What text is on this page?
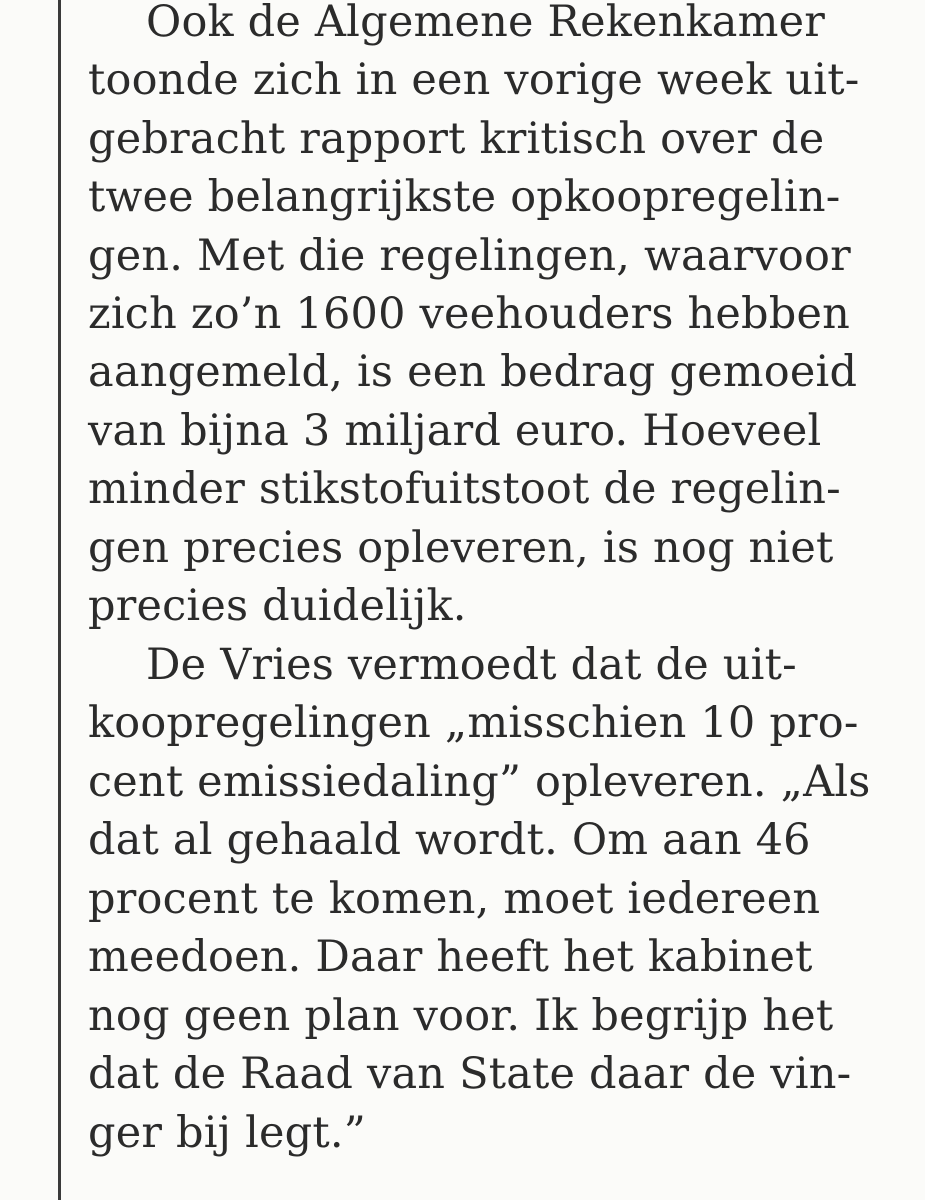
Ook de Algemene Rekenkamer
toonde zich in een vorige week uit-
gebracht rapport kritisch over de
twee belangrijkste opkoopregelin-
gen. Met die regelingen, waarvoor
zich zo’n 1600 veehouders hebben
aangemeld, is een bedrag gemoeid
van bijna 3 miljard euro. Hoeveel
minder stikstofuitstoot de regelin-
gen precies opleveren, is nog niet
precies duidelijk.
De Vries vermoedt dat de uit-
koopregelingen „misschien 10 pro-
cent emissiedaling” opleveren. „Als
dat al gehaald wordt. Om aan 46
procent te komen, moet iedereen
meedoen. Daar heeft het kabinet
nog geen plan voor. Ik begrijp het
dat de Raad van State daar de vin-
ger bij legt.”
